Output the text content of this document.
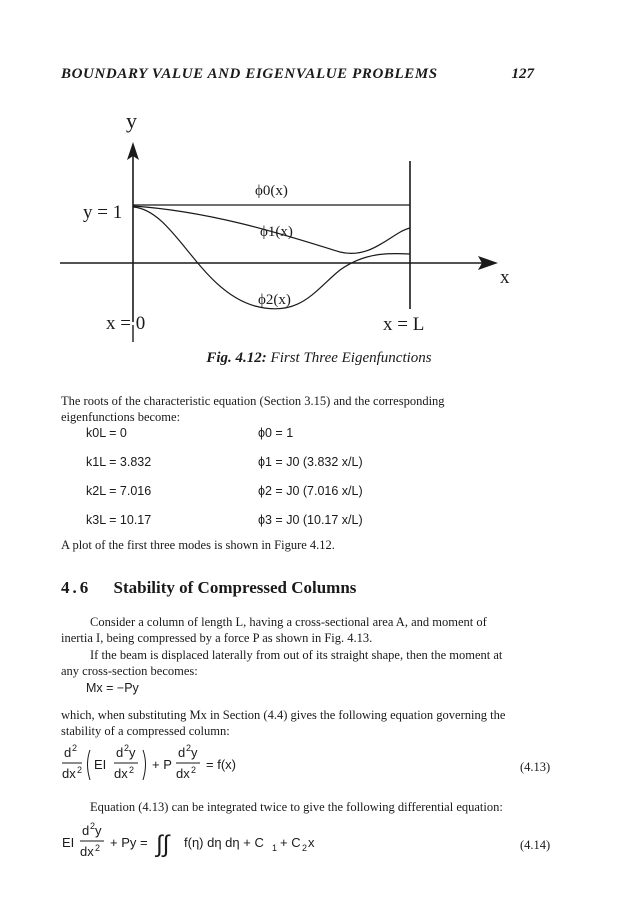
BOUNDARY VALUE AND EIGENVALUE PROBLEMS	127
y
x
y = 1
x = 0	x = L
ϕ0(x)
ϕ1(x)
ϕ2(x)
Fig. 4.12: First Three Eigenfunctions
The roots of the characteristic equation (Section 3.15) and the corresponding
eigenfunctions become:
k0L = 0	ϕ0 = 1
k1L = 3.832	ϕ1 = J0 (3.832 x/L)
k2L = 7.016	ϕ2 = J0 (7.016 x/L)
k3L = 10.17	ϕ3 = J0 (10.17 x/L)
A plot of the first three modes is shown in Figure 4.12.
4.6 Stability of Compressed Columns
Consider a column of length L, having a cross-sectional area A, and moment of
inertia I, being compressed by a force P as shown in Fig. 4.13.
If the beam is displaced laterally from out of its straight shape, then the moment at
any cross-section becomes:
Mx = −Py
which, when substituting Mx in Section (4.4) gives the following equation governing the
stability of a compressed column:
d 2
dx 2 EI
d 2 y
dx 2 + P
d 2 y
dx 2 = f(x)	(4.13)
Equation (4.13) can be integrated twice to give the following differential equation:
EI
d 2 y
dx 2 + Py = ∫∫ f(η) dη dη + C 1 + C 2 x	(4.14)
